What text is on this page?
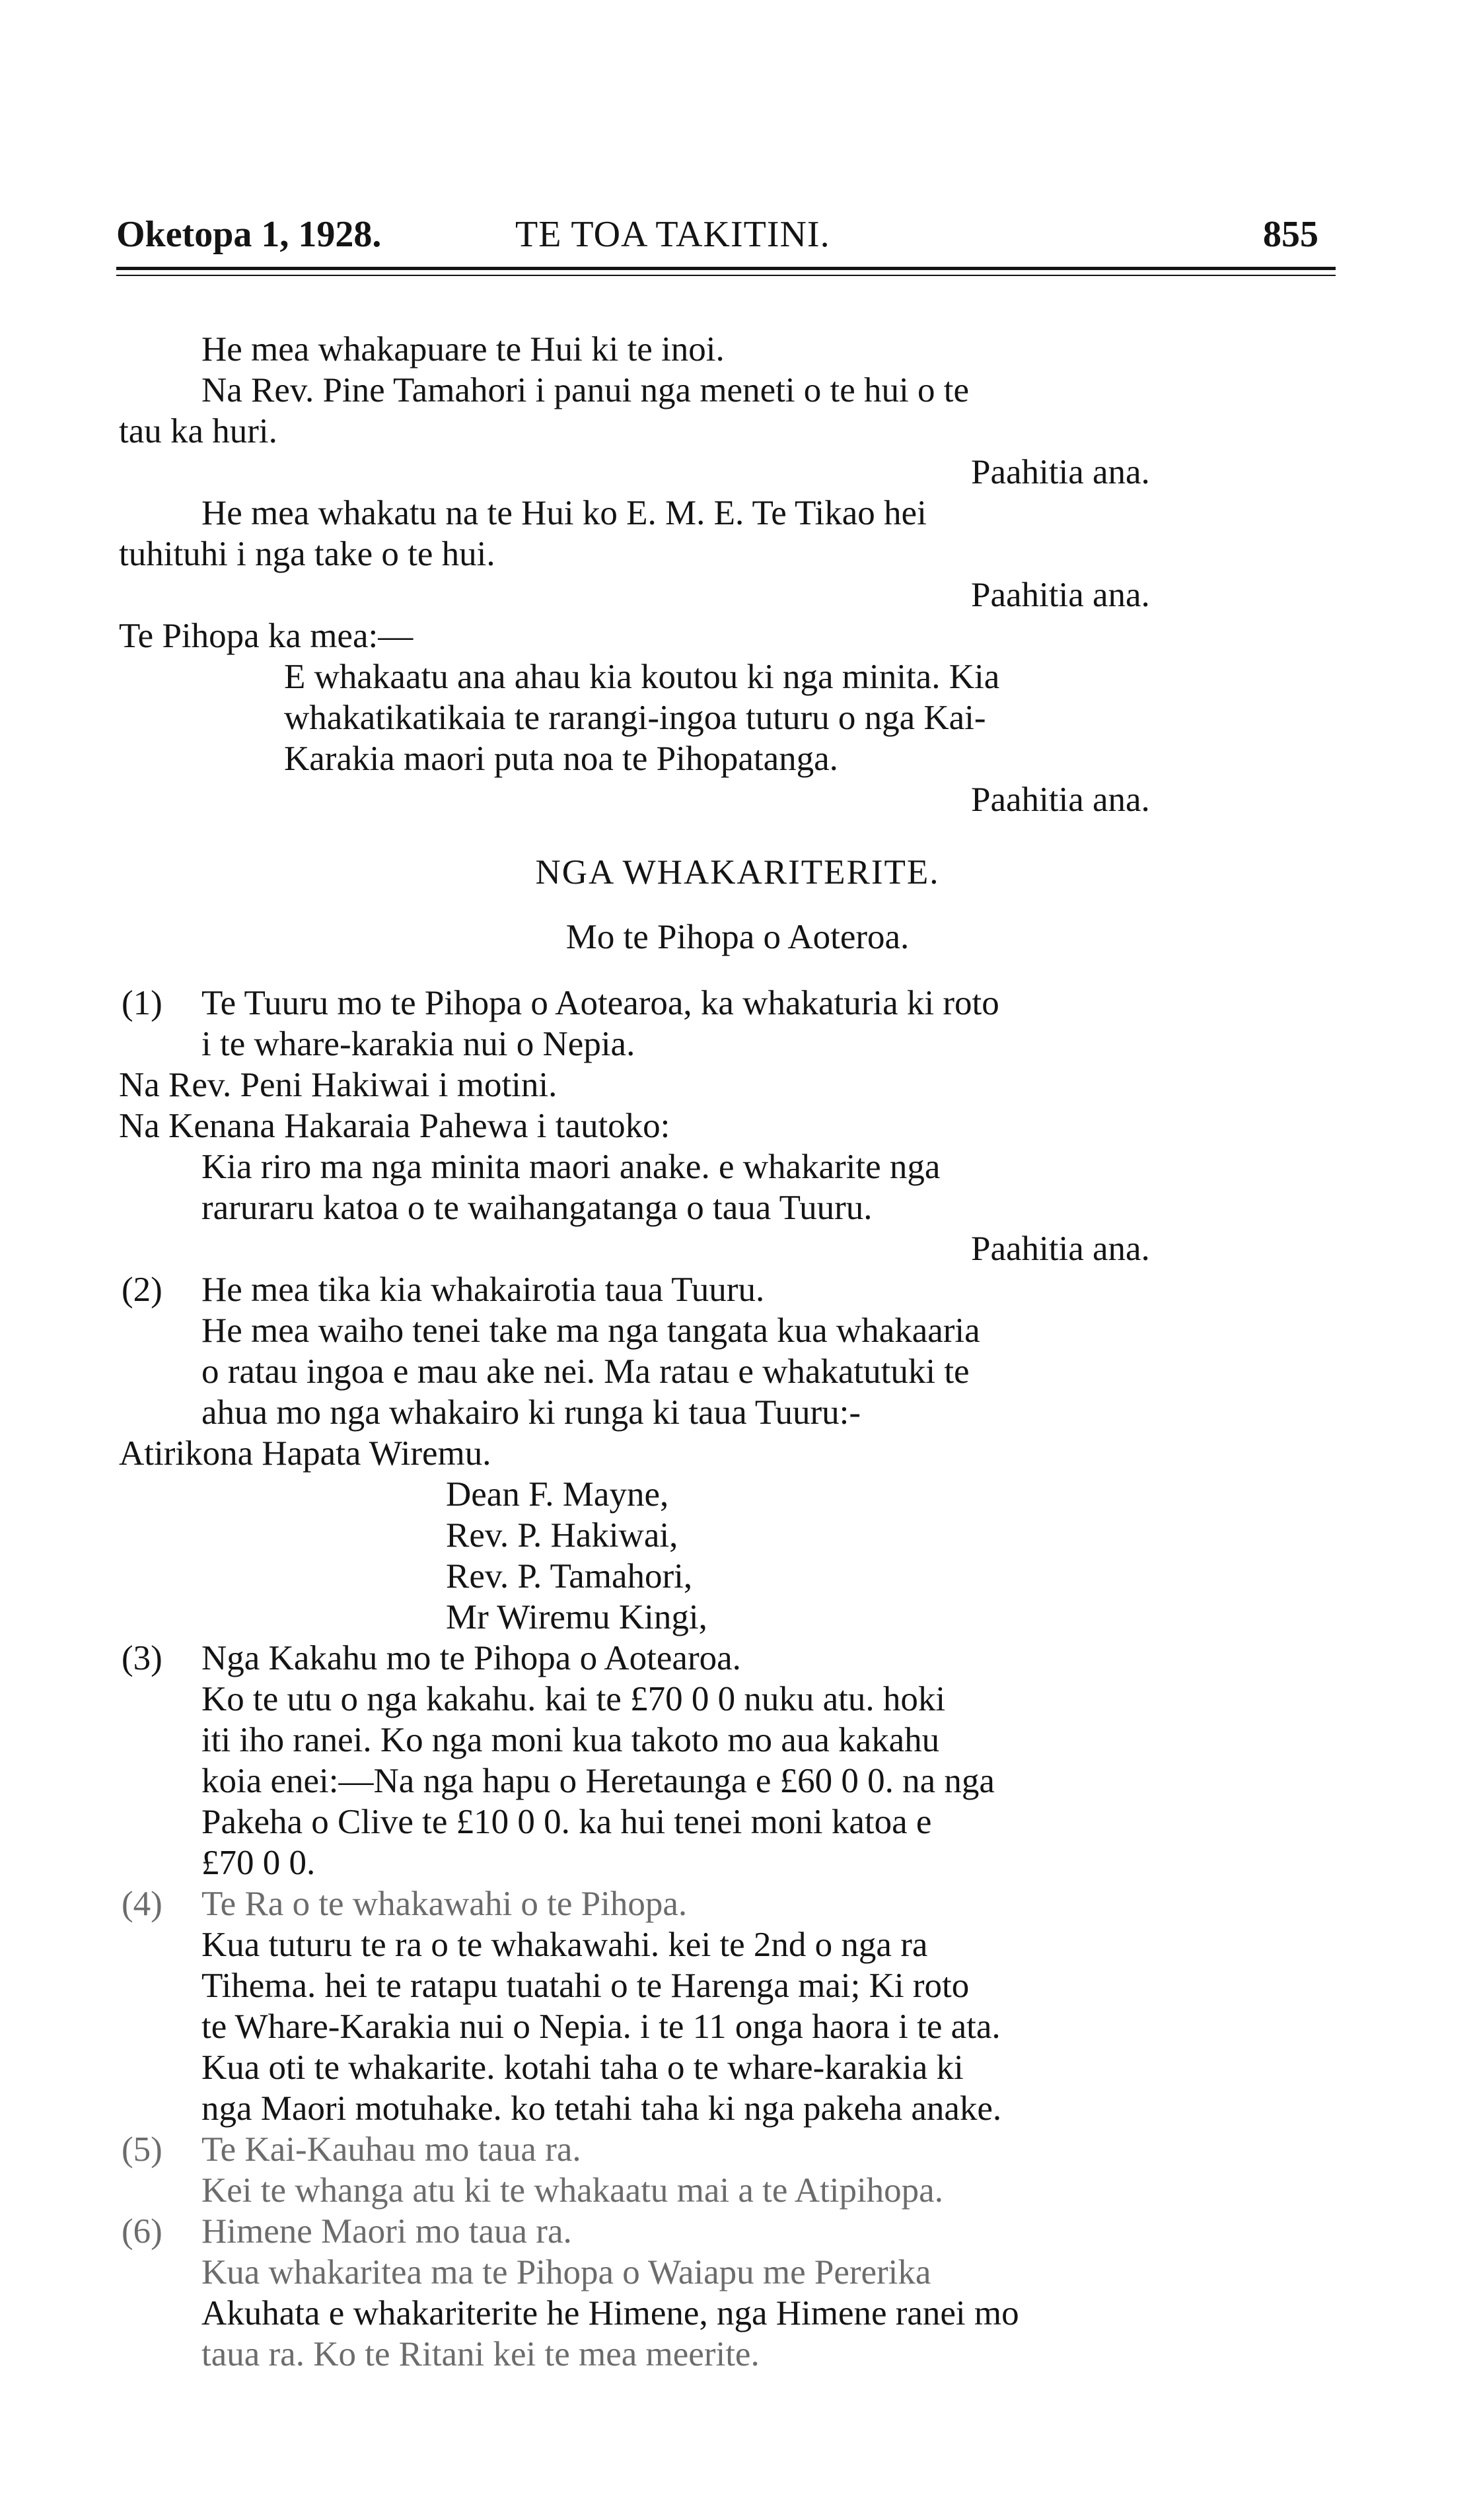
Oketopa 1, 1928.	TE TOA TAKITINI.	855
He mea whakapuare te Hui ki te inoi.
Na Rev. Pine Tamahori i panui nga meneti o te hui o te
tau ka huri.
Paahitia ana.
He mea whakatu na te Hui ko E. M. E. Te Tikao hei
tuhituhi i nga take o te hui.
Paahitia ana.
Te Pihopa ka mea:—
E whakaatu ana ahau kia koutou ki nga minita. Kia
whakatikatikaia te rarangi-ingoa tuturu o nga Kai-
Karakia maori puta noa te Pihopatanga.
Paahitia ana.
NGA WHAKARITERITE.
Mo te Pihopa o Aoteroa.
(1) Te Tuuru mo te Pihopa o Aotearoa, ka whakaturia ki roto
i te whare-karakia nui o Nepia.
Na Rev. Peni Hakiwai i motini.
Na Kenana Hakaraia Pahewa i tautoko:
Kia riro ma nga minita maori anake. e whakarite nga
raruraru katoa o te waihangatanga o taua Tuuru.
Paahitia ana.
(2) He mea tika kia whakairotia taua Tuuru.
He mea waiho tenei take ma nga tangata kua whakaaria
o ratau ingoa e mau ake nei. Ma ratau e whakatutuki te
ahua mo nga whakairo ki runga ki taua Tuuru:-
Atirikona Hapata Wiremu.
Dean F. Mayne,
Rev. P. Hakiwai,
Rev. P. Tamahori,
Mr Wiremu Kingi,
(3) Nga Kakahu mo te Pihopa o Aotearoa.
Ko te utu o nga kakahu. kai te £70 0 0 nuku atu. hoki
iti iho ranei. Ko nga moni kua takoto mo aua kakahu
koia enei:—Na nga hapu o Heretaunga e £60 0 0. na nga
Pakeha o Clive te £10 0 0. ka hui tenei moni katoa e
£70 0 0.
(4) Te Ra o te whakawahi o te Pihopa.
Kua tuturu te ra o te whakawahi. kei te 2nd o nga ra
Tihema. hei te ratapu tuatahi o te Harenga mai; Ki roto
te Whare-Karakia nui o Nepia. i te 11 onga haora i te ata.
Kua oti te whakarite. kotahi taha o te whare-karakia ki
nga Maori motuhake. ko tetahi taha ki nga pakeha anake.
(5) Te Kai-Kauhau mo taua ra.
Kei te whanga atu ki te whakaatu mai a te Atipihopa.
(6) Himene Maori mo taua ra.
Kua whakaritea ma te Pihopa o Waiapu me Pererika
Akuhata e whakariterite he Himene, nga Himene ranei mo
taua ra. Ko te Ritani kei te mea meerite.
